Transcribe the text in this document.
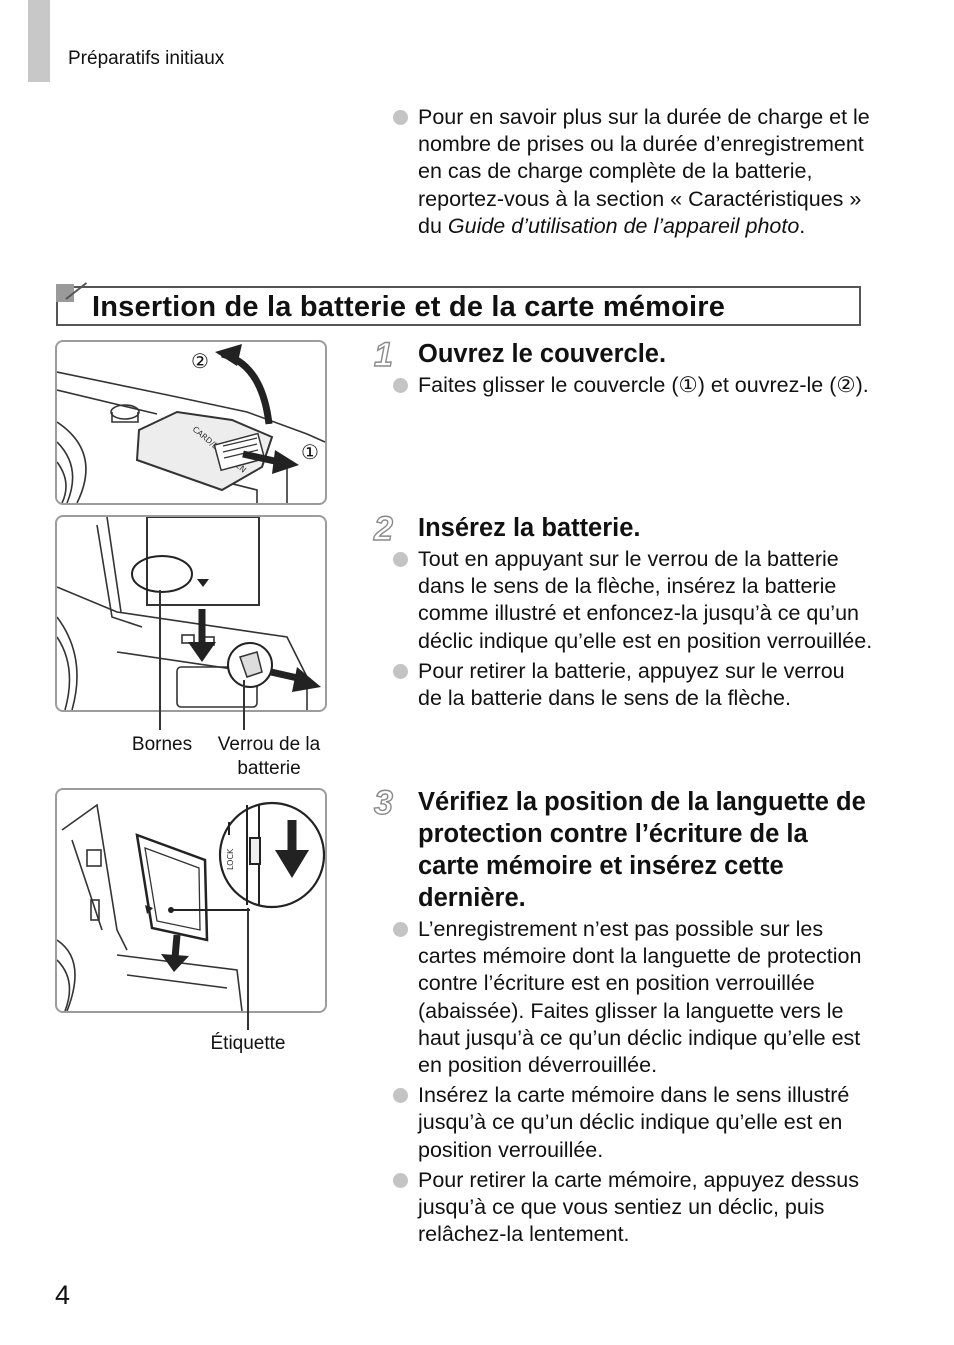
Préparatifs initiaux
Pour en savoir plus sur la durée de charge et le nombre de prises ou la durée d’enregistrement en cas de charge complète de la batterie, reportez-vous à la section « Caractéristiques » du Guide d’utilisation de l’appareil photo.
Insertion de la batterie et de la carte mémoire
CARD/BAT.
②
①
Bornes	Verrou de la batterie
LOCK
Étiquette
1 Ouvrez le couvercle.
Faites glisser le couvercle (①) et ouvrez-le (②).
2 Insérez la batterie.
Tout en appuyant sur le verrou de la batterie dans le sens de la flèche, insérez la batterie comme illustré et enfoncez-la jusqu’à ce qu’un déclic indique qu’elle est en position verrouillée.
Pour retirer la batterie, appuyez sur le verrou de la batterie dans le sens de la flèche.
3 Vérifiez la position de la languette de protection contre l’écriture de la carte mémoire et insérez cette dernière.
L’enregistrement n’est pas possible sur les cartes mémoire dont la languette de protection contre l’écriture est en position verrouillée (abaissée). Faites glisser la languette vers le haut jusqu’à ce qu’un déclic indique qu’elle est en position déverrouillée.
Insérez la carte mémoire dans le sens illustré jusqu’à ce qu’un déclic indique qu’elle est en position verrouillée.
Pour retirer la carte mémoire, appuyez dessus jusqu’à ce que vous sentiez un déclic, puis relâchez-la lentement.
4
